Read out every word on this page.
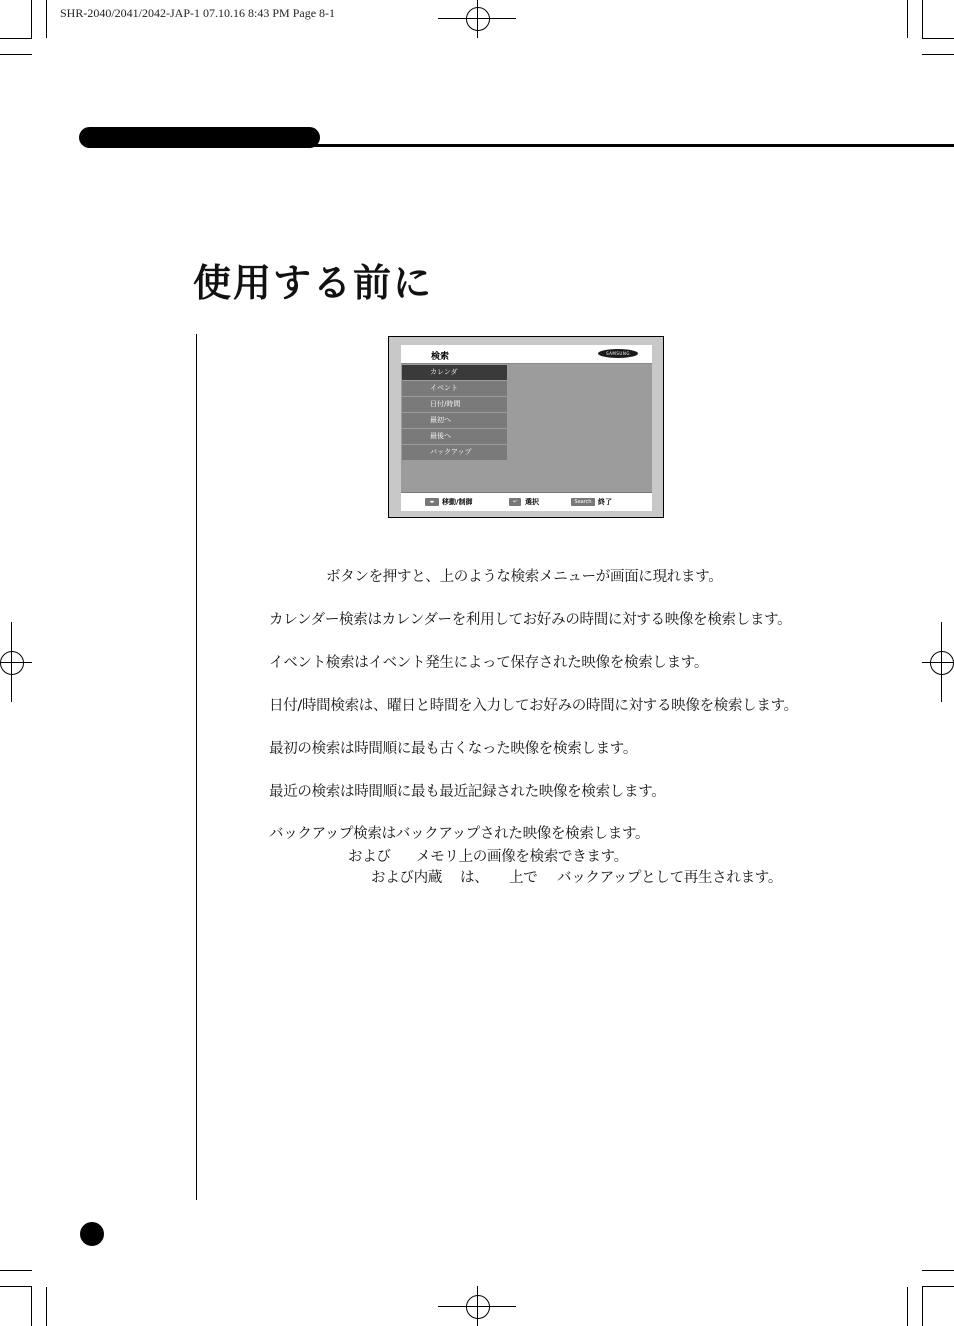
SHR-2040/2041/2042-JAP-1 07.10.16 8:43 PM Page 8-1
使用する前に
検索	SAMSUNG
カレンダ
イベント
日付/時間
最初へ
最後へ
バックアップ
◂▸	移動/制御	↵	選択	Search 終了
ボタンを押すと、上のような検索メニューが画面に現れます。
カレンダー検索はカレンダーを利用してお好みの時間に対する映像を検索します。
イベント検索はイベント発生によって保存された映像を検索します。
日付/時間検索は、曜日と時間を入力してお好みの時間に対する映像を検索します。
最初の検索は時間順に最も古くなった映像を検索します。
最近の検索は時間順に最も最近記録された映像を検索します。
バックアップ検索はバックアップされた映像を検索します。
および メモリ上の画像を検索できます。
および内蔵 は、 上で バックアップとして再生されます。
